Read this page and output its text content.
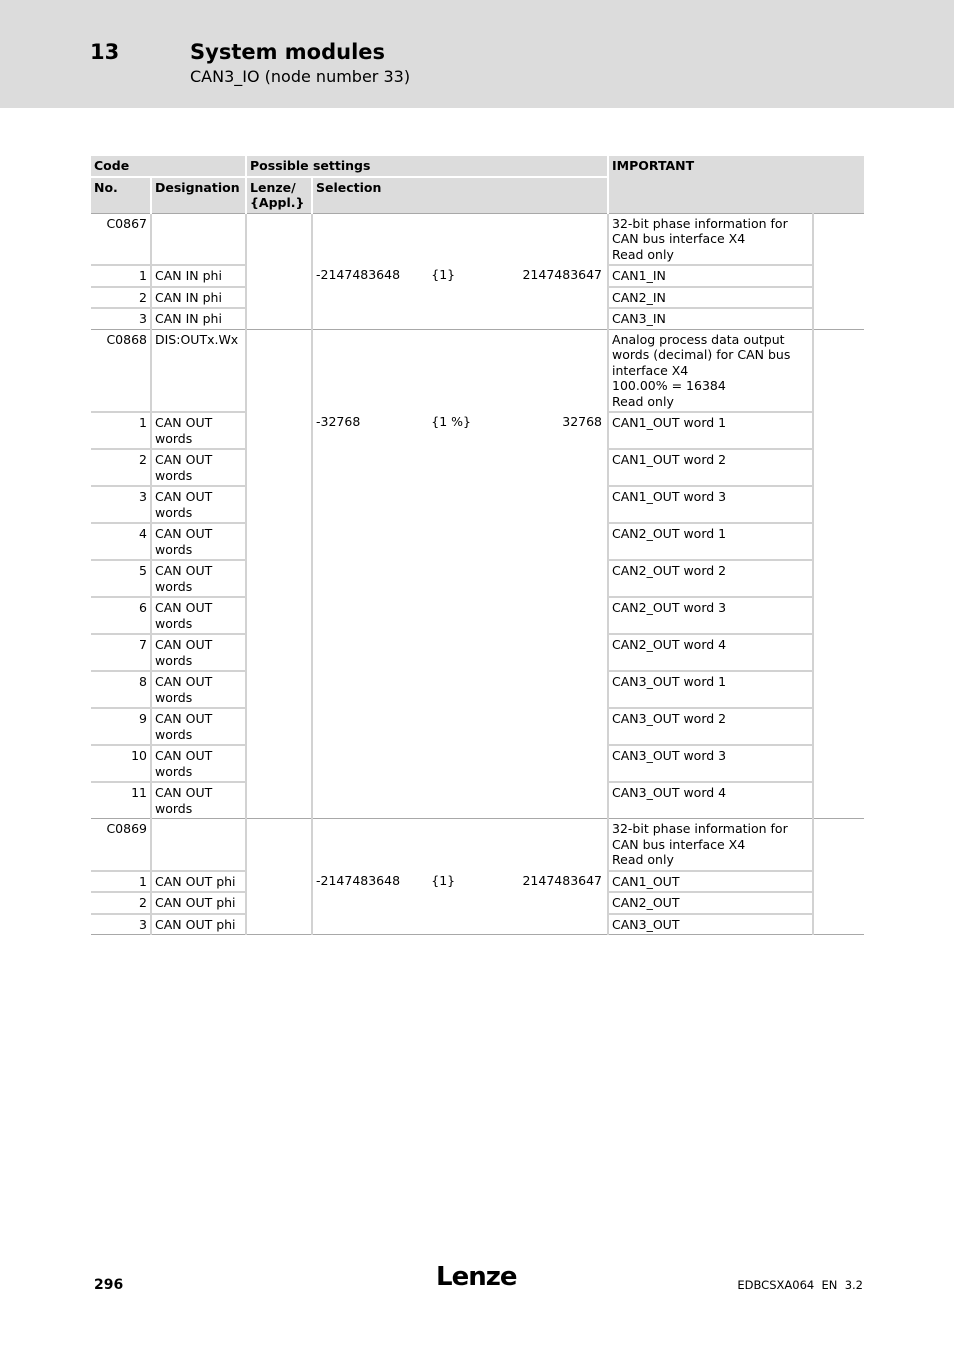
13	System modules
CAN3_IO (node number 33)
Code		Possible settings		IMPORTANT	
No.	Designation	Lenze/
{Appl.}	Selection		
C0867				32-bit phase information for CAN bus interface X4
Read only	
1	CAN IN phi		-2147483648 {1} 2147483647	CAN1_IN	
2	CAN IN phi			CAN2_IN	
3	CAN IN phi			CAN3_IN	
C0868	DIS:OUTx.Wx			Analog process data output words (decimal) for CAN bus interface X4
100.00% = 16384
Read only	
1	CAN OUT words		-32768 {1 %} 32768	CAN1_OUT word 1	
2	CAN OUT words			CAN1_OUT word 2	
3	CAN OUT words			CAN1_OUT word 3	
4	CAN OUT words			CAN2_OUT word 1	
5	CAN OUT words			CAN2_OUT word 2	
6	CAN OUT words			CAN2_OUT word 3	
7	CAN OUT words			CAN2_OUT word 4	
8	CAN OUT words			CAN3_OUT word 1	
9	CAN OUT words			CAN3_OUT word 2	
10	CAN OUT words			CAN3_OUT word 3	
11	CAN OUT words			CAN3_OUT word 4	
C0869				32-bit phase information for CAN bus interface X4
Read only	
1	CAN OUT phi		-2147483648 {1} 2147483647	CAN1_OUT	
2	CAN OUT phi			CAN2_OUT	
3	CAN OUT phi			CAN3_OUT	

296	Lenze	EDBCSXA064  EN  3.2
